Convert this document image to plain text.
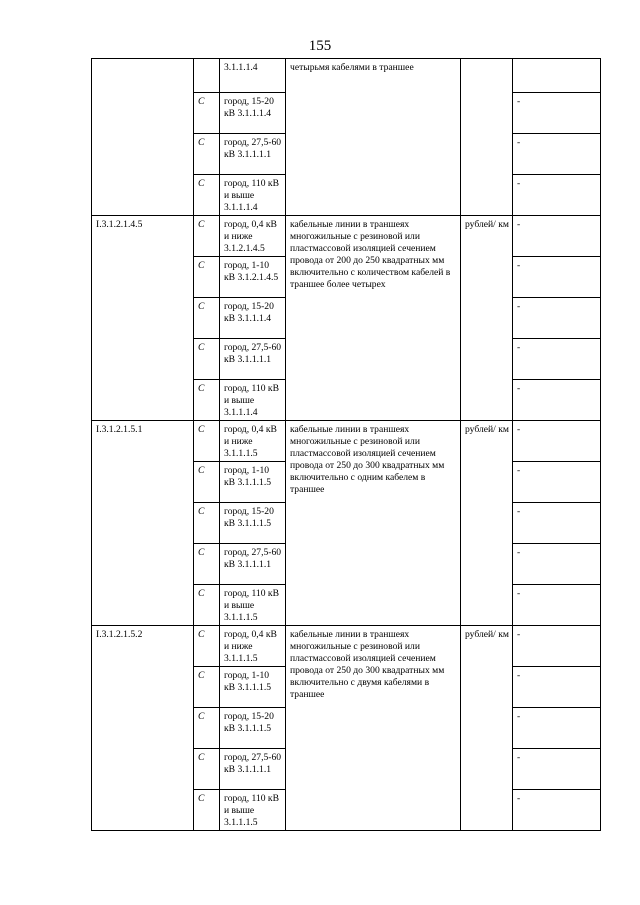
155
		3.1.1.1.4	четырьмя кабелями в траншее		
	C	город, 15-20 кВ 3.1.1.1.4			-
	C	город, 27,5-60 кВ 3.1.1.1.1			-
	C	город, 110 кВ и выше 3.1.1.1.4			-
I.3.1.2.1.4.5	C	город, 0,4 кВ и ниже 3.1.2.1.4.5	кабельные линии в траншеях многожильные с резиновой или пластмассовой изоляцией сечением провода от 200 до 250 квадратных мм включительно с количеством кабелей в траншее более четырех	рублей/ км	-
	C	город, 1-10 кВ 3.1.2.1.4.5			-
	C	город, 15-20 кВ 3.1.1.1.4			-
	C	город, 27,5-60 кВ 3.1.1.1.1			-
	C	город, 110 кВ и выше 3.1.1.1.4			-
I.3.1.2.1.5.1	C	город, 0,4 кВ и ниже 3.1.1.1.5	кабельные линии в траншеях многожильные с резиновой или пластмассовой изоляцией сечением провода от 250 до 300 квадратных мм включительно с одним кабелем в траншее	рублей/ км	-
	C	город, 1-10 кВ 3.1.1.1.5			-
	C	город, 15-20 кВ 3.1.1.1.5			-
	C	город, 27,5-60 кВ 3.1.1.1.1			-
	C	город, 110 кВ и выше 3.1.1.1.5			-
I.3.1.2.1.5.2	C	город, 0,4 кВ и ниже 3.1.1.1.5	кабельные линии в траншеях многожильные с резиновой или пластмассовой изоляцией сечением провода от 250 до 300 квадратных мм включительно с двумя кабелями в траншее	рублей/ км	-
	C	город, 1-10 кВ 3.1.1.1.5			-
	C	город, 15-20 кВ 3.1.1.1.5			-
	C	город, 27,5-60 кВ 3.1.1.1.1			-
	C	город, 110 кВ и выше 3.1.1.1.5			-
